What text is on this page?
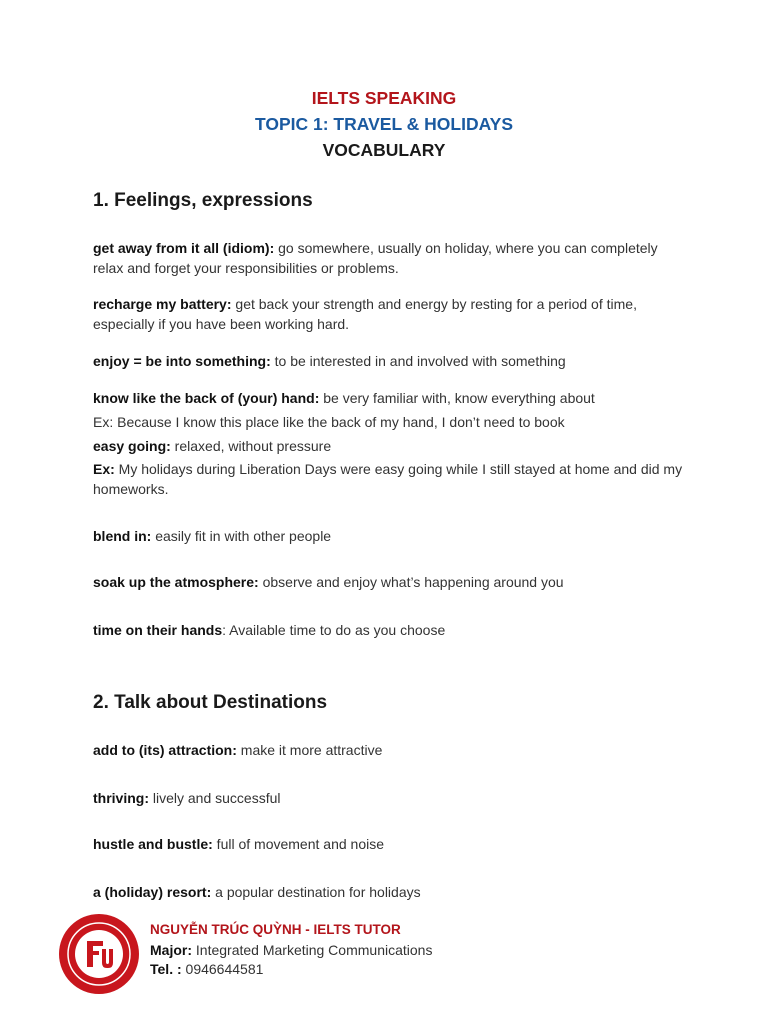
IELTS SPEAKING
TOPIC 1: TRAVEL & HOLIDAYS
VOCABULARY
1. Feelings, expressions
get away from it all (idiom): go somewhere, usually on holiday, where you can completely relax and forget your responsibilities or problems.
recharge my battery: get back your strength and energy by resting for a period of time, especially if you have been working hard.
enjoy = be into something: to be interested in and involved with something
know like the back of (your) hand: be very familiar with, know everything about
Ex: Because I know this place like the back of my hand, I don’t need to book
easy going: relaxed, without pressure
Ex: My holidays during Liberation Days were easy going while I still stayed at home and did my homeworks.
blend in: easily fit in with other people
soak up the atmosphere: observe and enjoy what’s happening around you
time on their hands: Available time to do as you choose
2. Talk about Destinations
add to (its) attraction: make it more attractive
thriving: lively and successful
hustle and bustle: full of movement and noise
a (holiday) resort: a popular destination for holidays
NGUYỄN TRÚC QUỲNH - IELTS TUTOR
Major: Integrated Marketing Communications
Tel. : 0946644581
